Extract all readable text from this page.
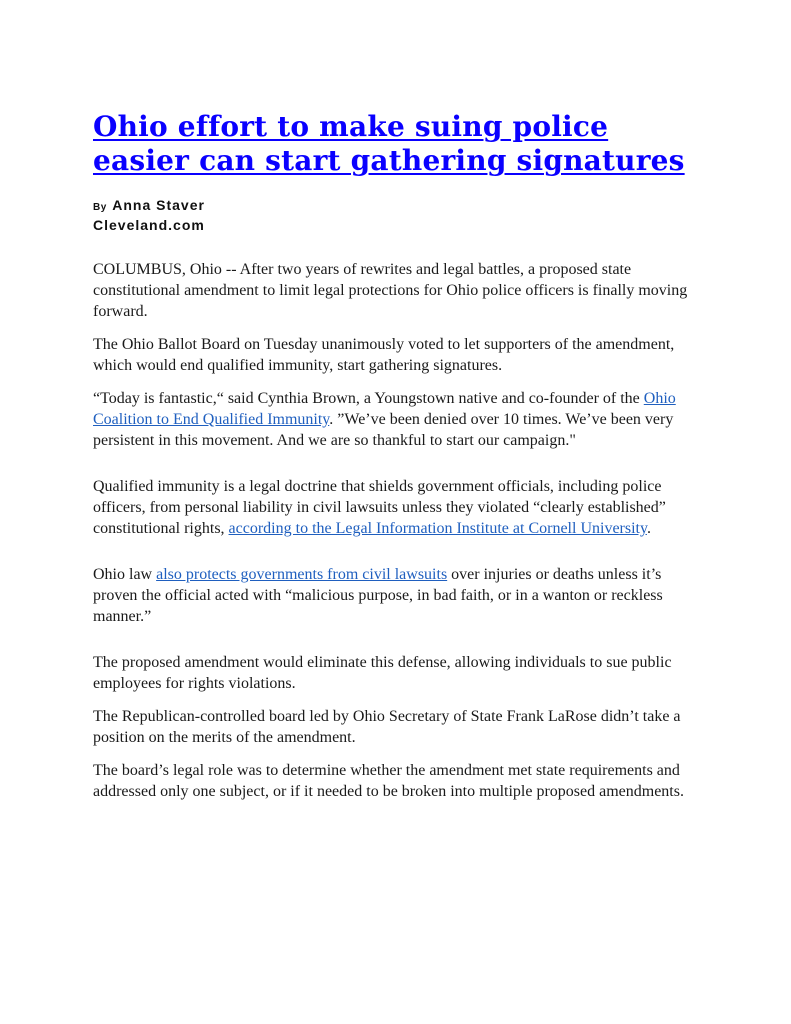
Ohio effort to make suing police easier can start gathering signatures
By Anna Staver
Cleveland.com

COLUMBUS, Ohio -- After two years of rewrites and legal battles, a proposed state constitutional amendment to limit legal protections for Ohio police officers is finally moving forward.

The Ohio Ballot Board on Tuesday unanimously voted to let supporters of the amendment, which would end qualified immunity, start gathering signatures.

“Today is fantastic,“ said Cynthia Brown, a Youngstown native and co-founder of the Ohio Coalition to End Qualified Immunity. ”We’ve been denied over 10 times. We’ve been very persistent in this movement. And we are so thankful to start our campaign."

Qualified immunity is a legal doctrine that shields government officials, including police officers, from personal liability in civil lawsuits unless they violated “clearly established” constitutional rights, according to the Legal Information Institute at Cornell University.

Ohio law also protects governments from civil lawsuits over injuries or deaths unless it’s proven the official acted with “malicious purpose, in bad faith, or in a wanton or reckless manner.”

The proposed amendment would eliminate this defense, allowing individuals to sue public employees for rights violations.

The Republican-controlled board led by Ohio Secretary of State Frank LaRose didn’t take a position on the merits of the amendment.

The board’s legal role was to determine whether the amendment met state requirements and addressed only one subject, or if it needed to be broken into multiple proposed amendments.
